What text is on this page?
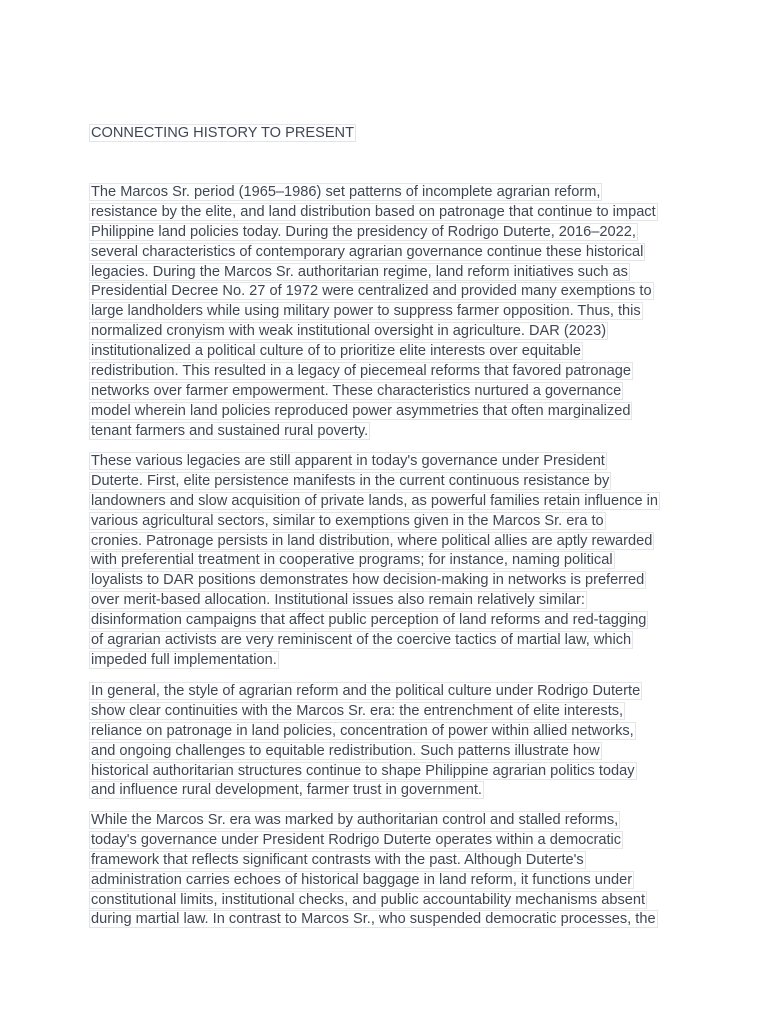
CONNECTING HISTORY TO PRESENT
The Marcos Sr. period (1965–1986) set patterns of incomplete agrarian reform,
resistance by the elite, and land distribution based on patronage that continue to impact
Philippine land policies today. During the presidency of Rodrigo Duterte, 2016–2022,
several characteristics of contemporary agrarian governance continue these historical
legacies. During the Marcos Sr. authoritarian regime, land reform initiatives such as
Presidential Decree No. 27 of 1972 were centralized and provided many exemptions to
large landholders while using military power to suppress farmer opposition. Thus, this
normalized cronyism with weak institutional oversight in agriculture. DAR (2023)
institutionalized a political culture of to prioritize elite interests over equitable
redistribution. This resulted in a legacy of piecemeal reforms that favored patronage
networks over farmer empowerment. These characteristics nurtured a governance
model wherein land policies reproduced power asymmetries that often marginalized
tenant farmers and sustained rural poverty.
These various legacies are still apparent in today's governance under President
Duterte. First, elite persistence manifests in the current continuous resistance by
landowners and slow acquisition of private lands, as powerful families retain influence in
various agricultural sectors, similar to exemptions given in the Marcos Sr. era to
cronies. Patronage persists in land distribution, where political allies are aptly rewarded
with preferential treatment in cooperative programs; for instance, naming political
loyalists to DAR positions demonstrates how decision-making in networks is preferred
over merit-based allocation. Institutional issues also remain relatively similar:
disinformation campaigns that affect public perception of land reforms and red-tagging
of agrarian activists are very reminiscent of the coercive tactics of martial law, which
impeded full implementation.
In general, the style of agrarian reform and the political culture under Rodrigo Duterte
show clear continuities with the Marcos Sr. era: the entrenchment of elite interests,
reliance on patronage in land policies, concentration of power within allied networks,
and ongoing challenges to equitable redistribution. Such patterns illustrate how
historical authoritarian structures continue to shape Philippine agrarian politics today
and influence rural development, farmer trust in government.
While the Marcos Sr. era was marked by authoritarian control and stalled reforms,
today's governance under President Rodrigo Duterte operates within a democratic
framework that reflects significant contrasts with the past. Although Duterte's
administration carries echoes of historical baggage in land reform, it functions under
constitutional limits, institutional checks, and public accountability mechanisms absent
during martial law. In contrast to Marcos Sr., who suspended democratic processes, the
